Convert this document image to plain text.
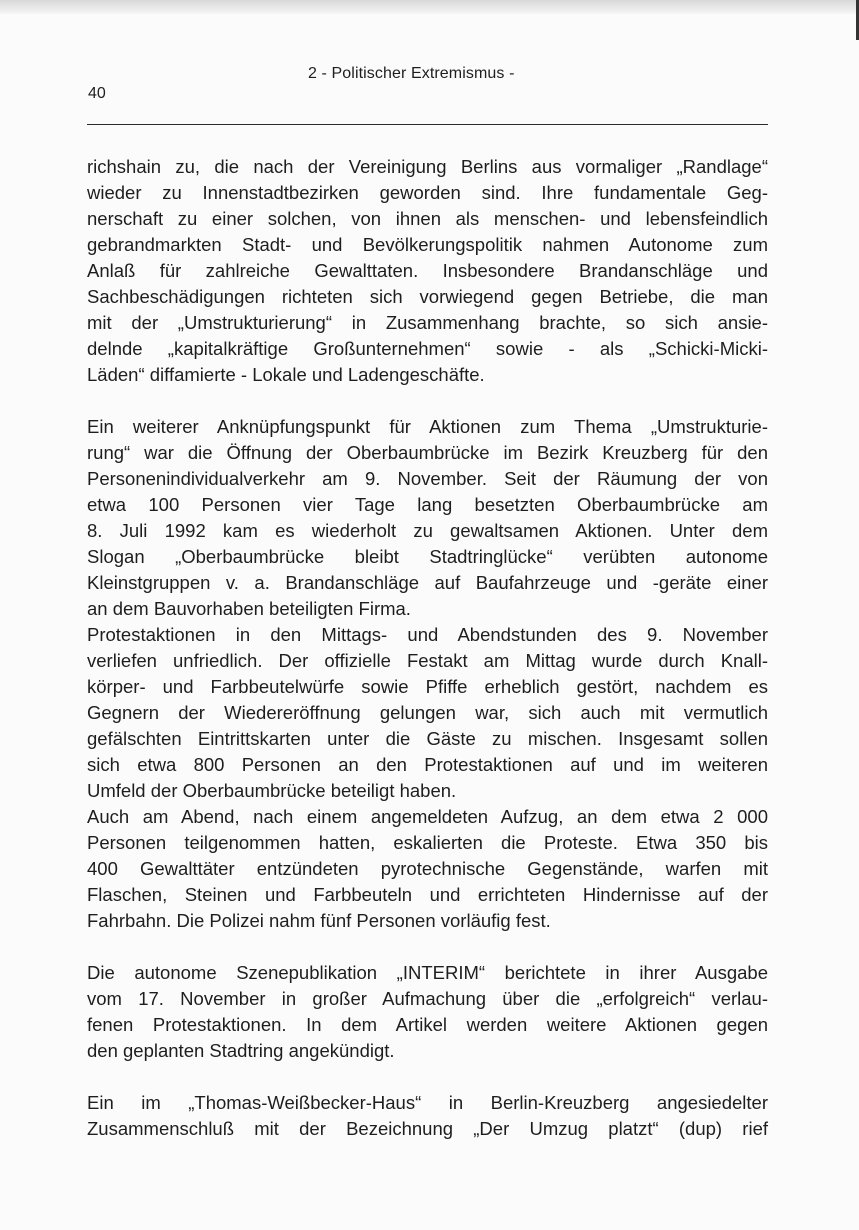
2 - Politischer Extremismus -
40

richshain zu, die nach der Vereinigung Berlins aus vormaliger „Randlage“
wieder zu Innenstadtbezirken geworden sind. Ihre fundamentale Geg-
nerschaft zu einer solchen, von ihnen als menschen- und lebensfeindlich
gebrandmarkten Stadt- und Bevölkerungspolitik nahmen Autonome zum
Anlaß für zahlreiche Gewalttaten. Insbesondere Brandanschläge und
Sachbeschädigungen richteten sich vorwiegend gegen Betriebe, die man
mit der „Umstrukturierung“ in Zusammenhang brachte, so sich ansie-
delnde „kapitalkräftige Großunternehmen“ sowie - als „Schicki-Micki-
Läden“ diffamierte - Lokale und Ladengeschäfte.

Ein weiterer Anknüpfungspunkt für Aktionen zum Thema „Umstrukturie-
rung“ war die Öffnung der Oberbaumbrücke im Bezirk Kreuzberg für den
Personenindividualverkehr am 9. November. Seit der Räumung der von
etwa 100 Personen vier Tage lang besetzten Oberbaumbrücke am
8. Juli 1992 kam es wiederholt zu gewaltsamen Aktionen. Unter dem
Slogan „Oberbaumbrücke bleibt Stadtringlücke“ verübten autonome
Kleinstgruppen v. a. Brandanschläge auf Baufahrzeuge und -geräte einer
an dem Bauvorhaben beteiligten Firma.

Protestaktionen in den Mittags- und Abendstunden des 9. November
verliefen unfriedlich. Der offizielle Festakt am Mittag wurde durch Knall-
körper- und Farbbeutelwürfe sowie Pfiffe erheblich gestört, nachdem es
Gegnern der Wiedereröffnung gelungen war, sich auch mit vermutlich
gefälschten Eintrittskarten unter die Gäste zu mischen. Insgesamt sollen
sich etwa 800 Personen an den Protestaktionen auf und im weiteren
Umfeld der Oberbaumbrücke beteiligt haben.

Auch am Abend, nach einem angemeldeten Aufzug, an dem etwa 2 000
Personen teilgenommen hatten, eskalierten die Proteste. Etwa 350 bis
400 Gewalttäter entzündeten pyrotechnische Gegenstände, warfen mit
Flaschen, Steinen und Farbbeuteln und errichteten Hindernisse auf der
Fahrbahn. Die Polizei nahm fünf Personen vorläufig fest.

Die autonome Szenepublikation „INTERIM“ berichtete in ihrer Ausgabe
vom 17. November in großer Aufmachung über die „erfolgreich“ verlau-
fenen Protestaktionen. In dem Artikel werden weitere Aktionen gegen
den geplanten Stadtring angekündigt.

Ein im „Thomas-Weißbecker-Haus“ in Berlin-Kreuzberg angesiedelter
Zusammenschluß mit der Bezeichnung „Der Umzug platzt“ (dup) rief
